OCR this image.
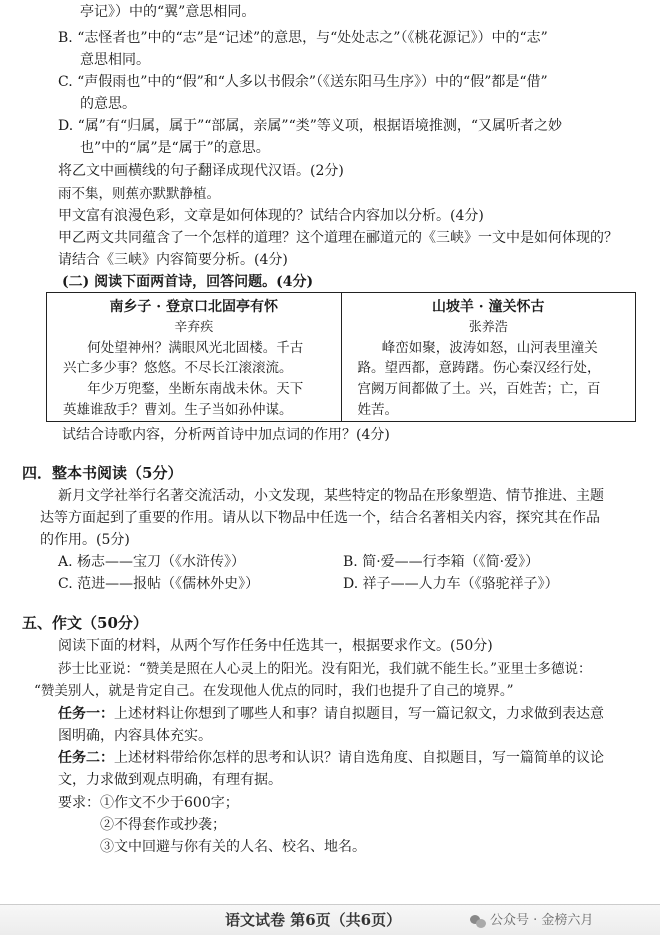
亭记》）中的“翼”意思相同。
B. “志怪者也”中的“志”是“记述”的意思，与“处处志之”（《桃花源记》）中的“志”
意思相同。
C. “声假雨也”中的“假”和“人多以书假余”（《送东阳马生序》）中的“假”都是“借”
的意思。
D. “属”有“归属，属于”“部属，亲属”“类”等义项，根据语境推测，“又属听者之妙
也”中的“属”是“属于”的意思。
将乙文中画横线的句子翻译成现代汉语。(2分)
雨不集，则蕉亦默默静植。
甲文富有浪漫色彩，文章是如何体现的？试结合内容加以分析。(4分)
甲乙两文共同蕴含了一个怎样的道理？这个道理在郦道元的《三峡》一文中是如何体现的？
请结合《三峡》内容简要分析。(4分)
(二) 阅读下面两首诗，回答问题。(4分)
南乡子 · 登京口北固亭有怀
辛弃疾
何处望神州？满眼风光北固楼。千古
兴亡多少事？悠悠。不尽长江滚滚流。
年少万兜鍪，坐断东南战未休。天下
英雄谁敌手？曹刘。生子当如孙仲谋。
山坡羊 · 潼关怀古
张养浩
峰峦如聚，波涛如怒，山河表里潼关
路。望西都，意踌躇。伤心秦汉经行处，
宫阙万间都做了土。兴，百姓苦；亡，百
姓苦。
试结合诗歌内容，分析两首诗中加点词的作用？(4分)
四．整本书阅读（5分）
新月文学社举行名著交流活动，小文发现，某些特定的物品在形象塑造、情节推进、主题
达等方面起到了重要的作用。请从以下物品中任选一个，结合名著相关内容，探究其在作品
的作用。(5分)
A. 杨志——宝刀（《水浒传》）	B. 简·爱——行李箱（《简·爱》）
C. 范进——报帖（《儒林外史》）	D. 祥子——人力车（《骆驼祥子》）
五、作文（50分）
阅读下面的材料，从两个写作任务中任选其一，根据要求作文。(50分)
莎士比亚说：“赞美是照在人心灵上的阳光。没有阳光，我们就不能生长。”亚里士多德说：
“赞美别人，就是肯定自己。在发现他人优点的同时，我们也提升了自己的境界。”
任务一：上述材料让你想到了哪些人和事？请自拟题目，写一篇记叙文，力求做到表达意
图明确，内容具体充实。
任务二：上述材料带给你怎样的思考和认识？请自选角度、自拟题目，写一篇简单的议论
文，力求做到观点明确，有理有据。
要求：①作文不少于600字；
②不得套作或抄袭；
③文中回避与你有关的人名、校名、地名。
语文试卷 第6页（共6页）	公众号 · 金榜六月
